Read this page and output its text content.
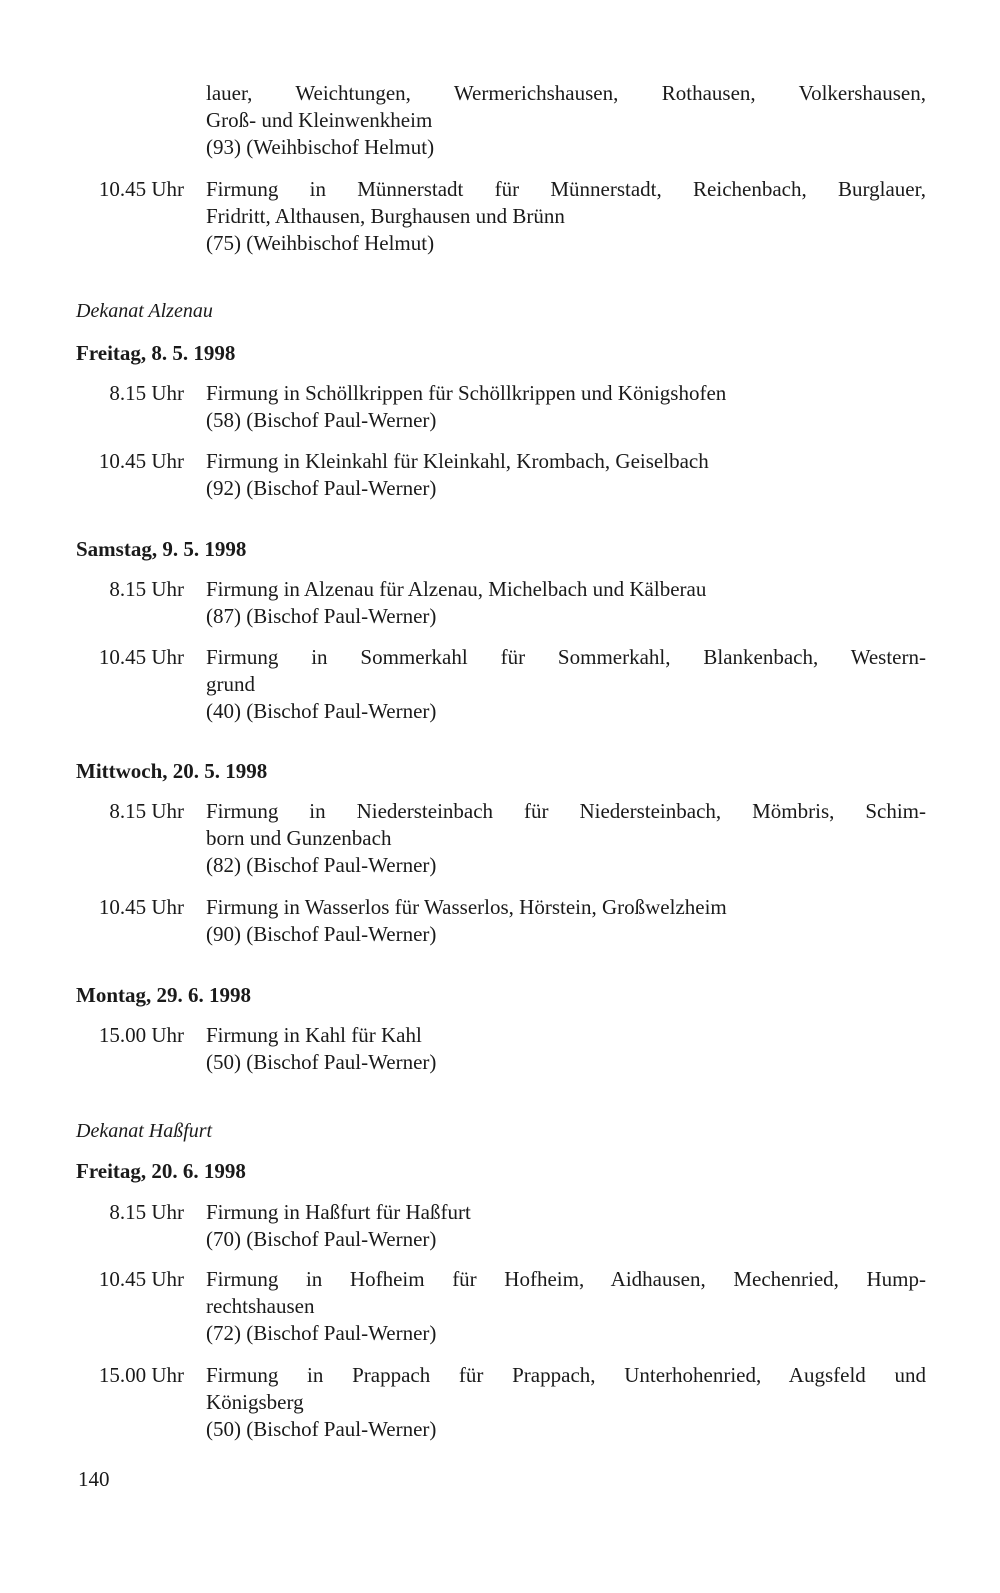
lauer, Weichtungen, Wermerichshausen, Rothausen, Volkershausen,
Groß- und Kleinwenkheim
(93) (Weihbischof Helmut)
10.45 Uhr Firmung in Münnerstadt für Münnerstadt, Reichenbach, Burglauer,
Fridritt, Althausen, Burghausen und Brünn
(75) (Weihbischof Helmut)
Dekanat Alzenau
Freitag, 8. 5. 1998
8.15 Uhr Firmung in Schöllkrippen für Schöllkrippen und Königshofen
(58) (Bischof Paul-Werner)
10.45 Uhr Firmung in Kleinkahl für Kleinkahl, Krombach, Geiselbach
(92) (Bischof Paul-Werner)
Samstag, 9. 5. 1998
8.15 Uhr Firmung in Alzenau für Alzenau, Michelbach und Kälberau
(87) (Bischof Paul-Werner)
10.45 Uhr Firmung in Sommerkahl für Sommerkahl, Blankenbach, Western-
grund
(40) (Bischof Paul-Werner)
Mittwoch, 20. 5. 1998
8.15 Uhr Firmung in Niedersteinbach für Niedersteinbach, Mömbris, Schim-
born und Gunzenbach
(82) (Bischof Paul-Werner)
10.45 Uhr Firmung in Wasserlos für Wasserlos, Hörstein, Großwelzheim
(90) (Bischof Paul-Werner)
Montag, 29. 6. 1998
15.00 Uhr Firmung in Kahl für Kahl
(50) (Bischof Paul-Werner)
Dekanat Haßfurt
Freitag, 20. 6. 1998
8.15 Uhr Firmung in Haßfurt für Haßfurt
(70) (Bischof Paul-Werner)
10.45 Uhr Firmung in Hofheim für Hofheim, Aidhausen, Mechenried, Hump-
rechtshausen
(72) (Bischof Paul-Werner)
15.00 Uhr Firmung in Prappach für Prappach, Unterhohenried, Augsfeld und
Königsberg
(50) (Bischof Paul-Werner)
140
